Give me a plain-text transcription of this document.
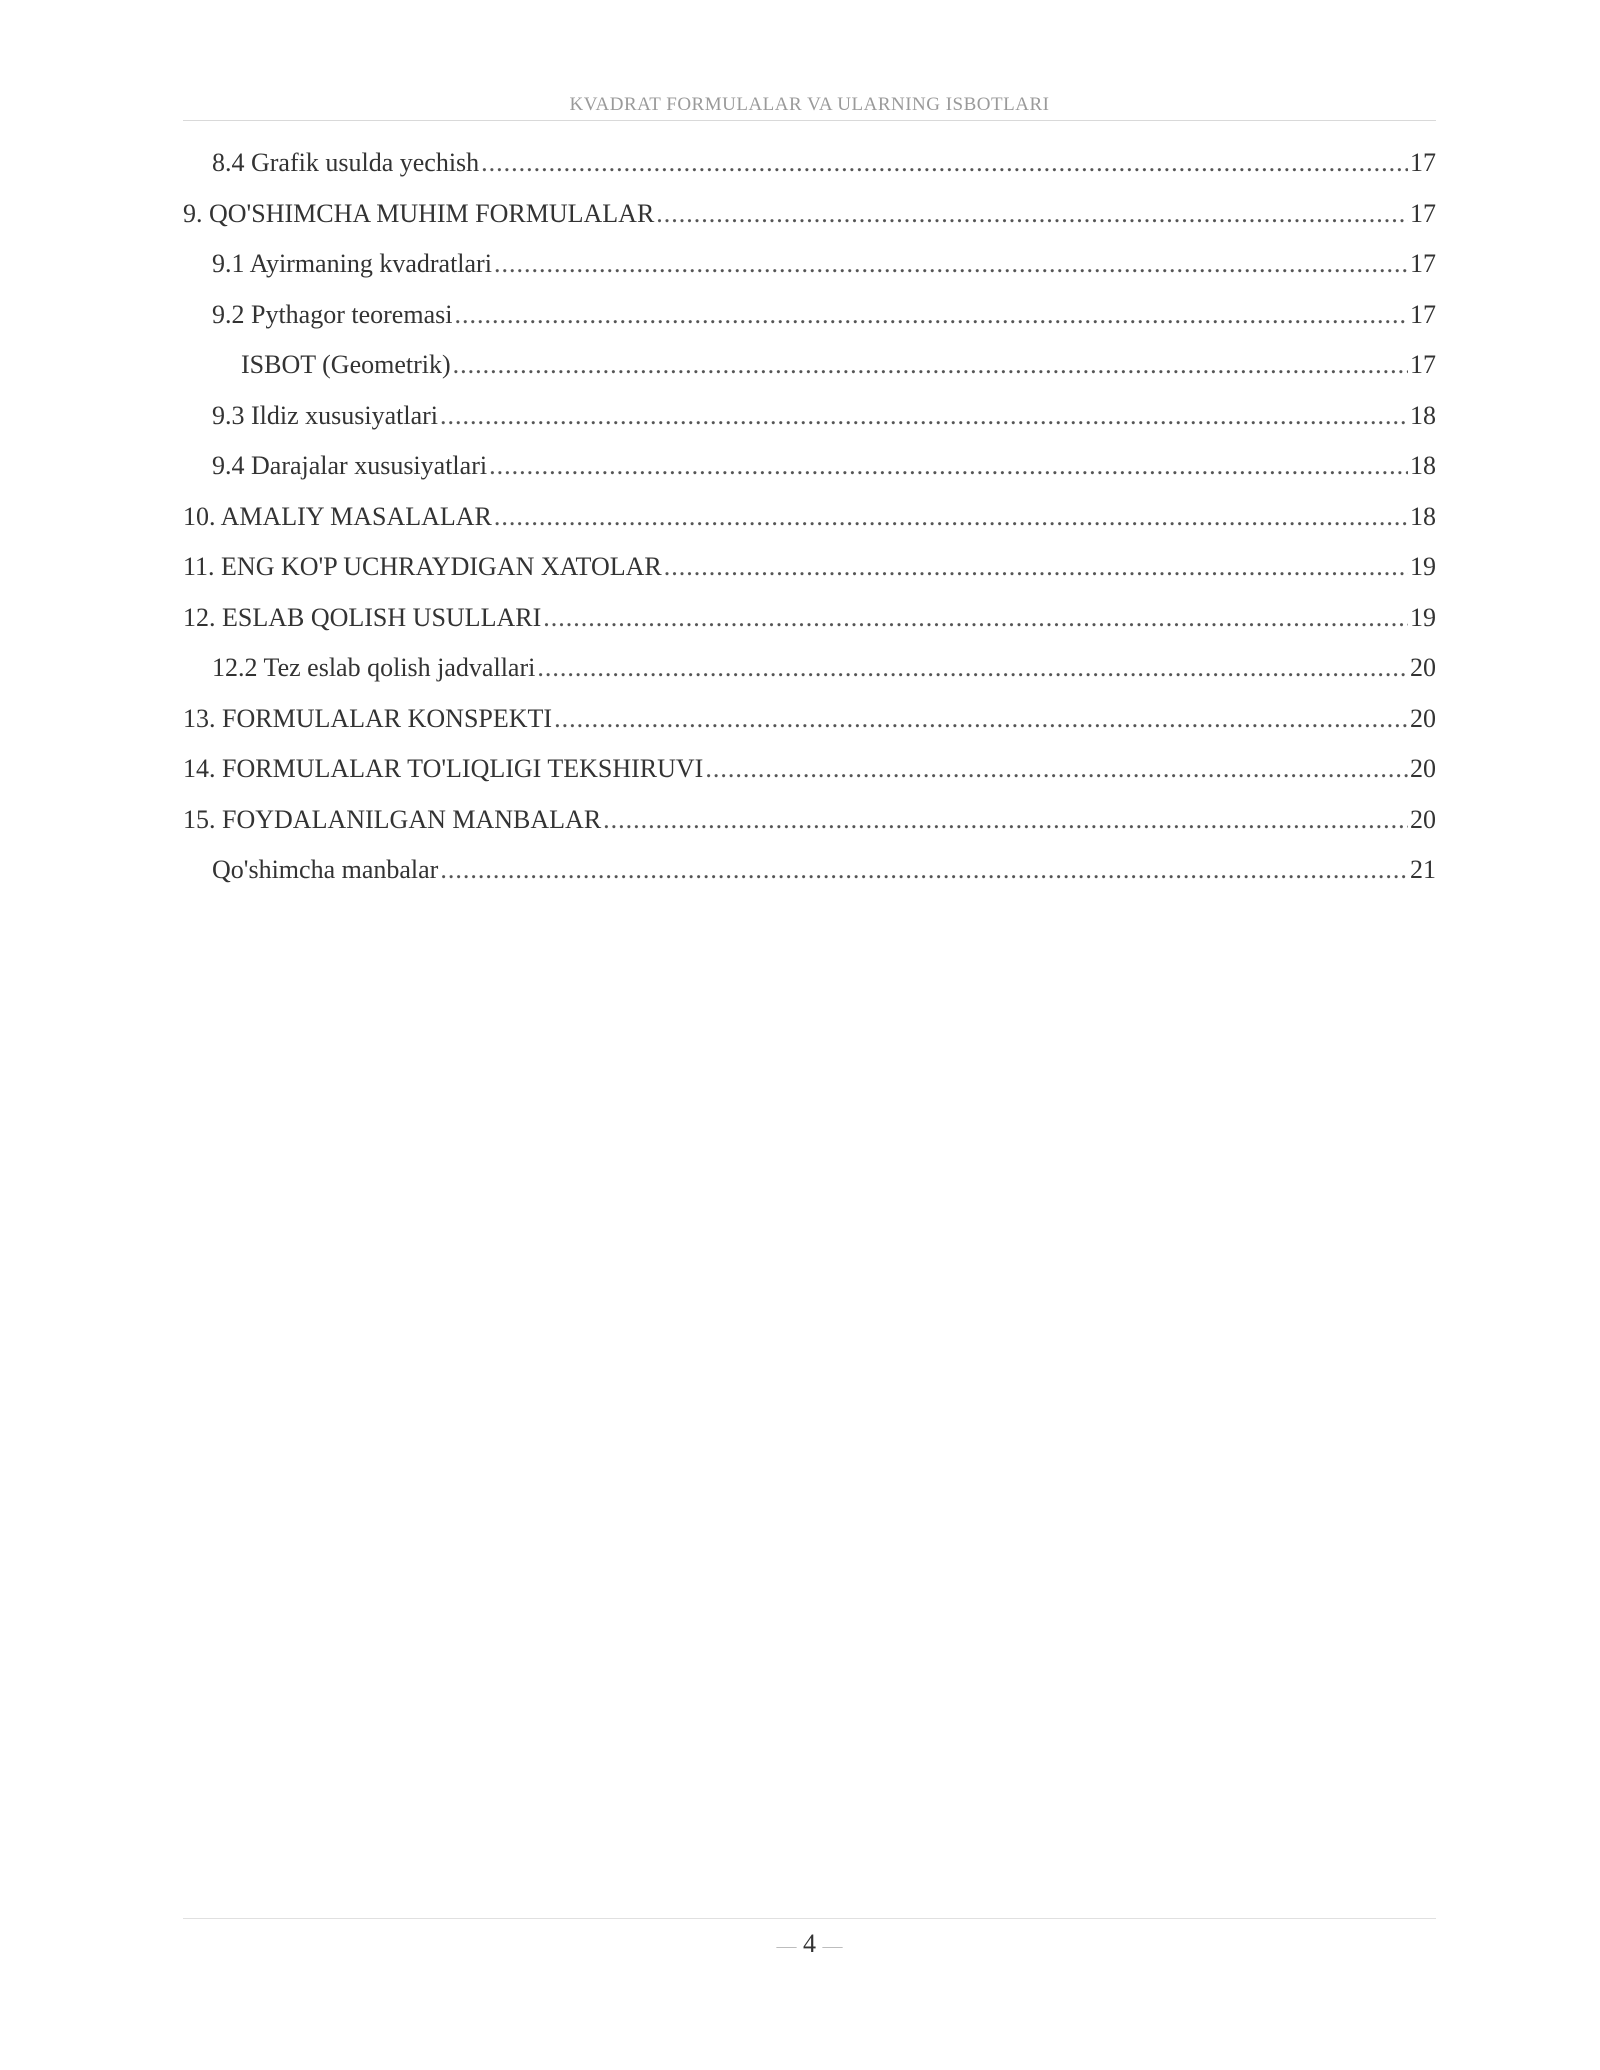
KVADRAT FORMULALAR VA ULARNING ISBOTLARI
8.4 Grafik usulda yechish .....	17
9. QO'SHIMCHA MUHIM FORMULALAR .....	17
9.1 Ayirmaning kvadratlari .....	17
9.2 Pythagor teoremasi .....	17
ISBOT (Geometrik) .....	17
9.3 Ildiz xususiyatlari .....	18
9.4 Darajalar xususiyatlari .....	18
10. AMALIY MASALALAR .....	18
11. ENG KO'P UCHRAYDIGAN XATOLAR .....	19
12. ESLAB QOLISH USULLARI .....	19
12.2 Tez eslab qolish jadvallari .....	20
13. FORMULALAR KONSPEKTI .....	20
14. FORMULALAR TO'LIQLIGI TEKSHIRUVI .....	20
15. FOYDALANILGAN MANBALAR .....	20
Qo'shimcha manbalar .....	21
— 4 —
